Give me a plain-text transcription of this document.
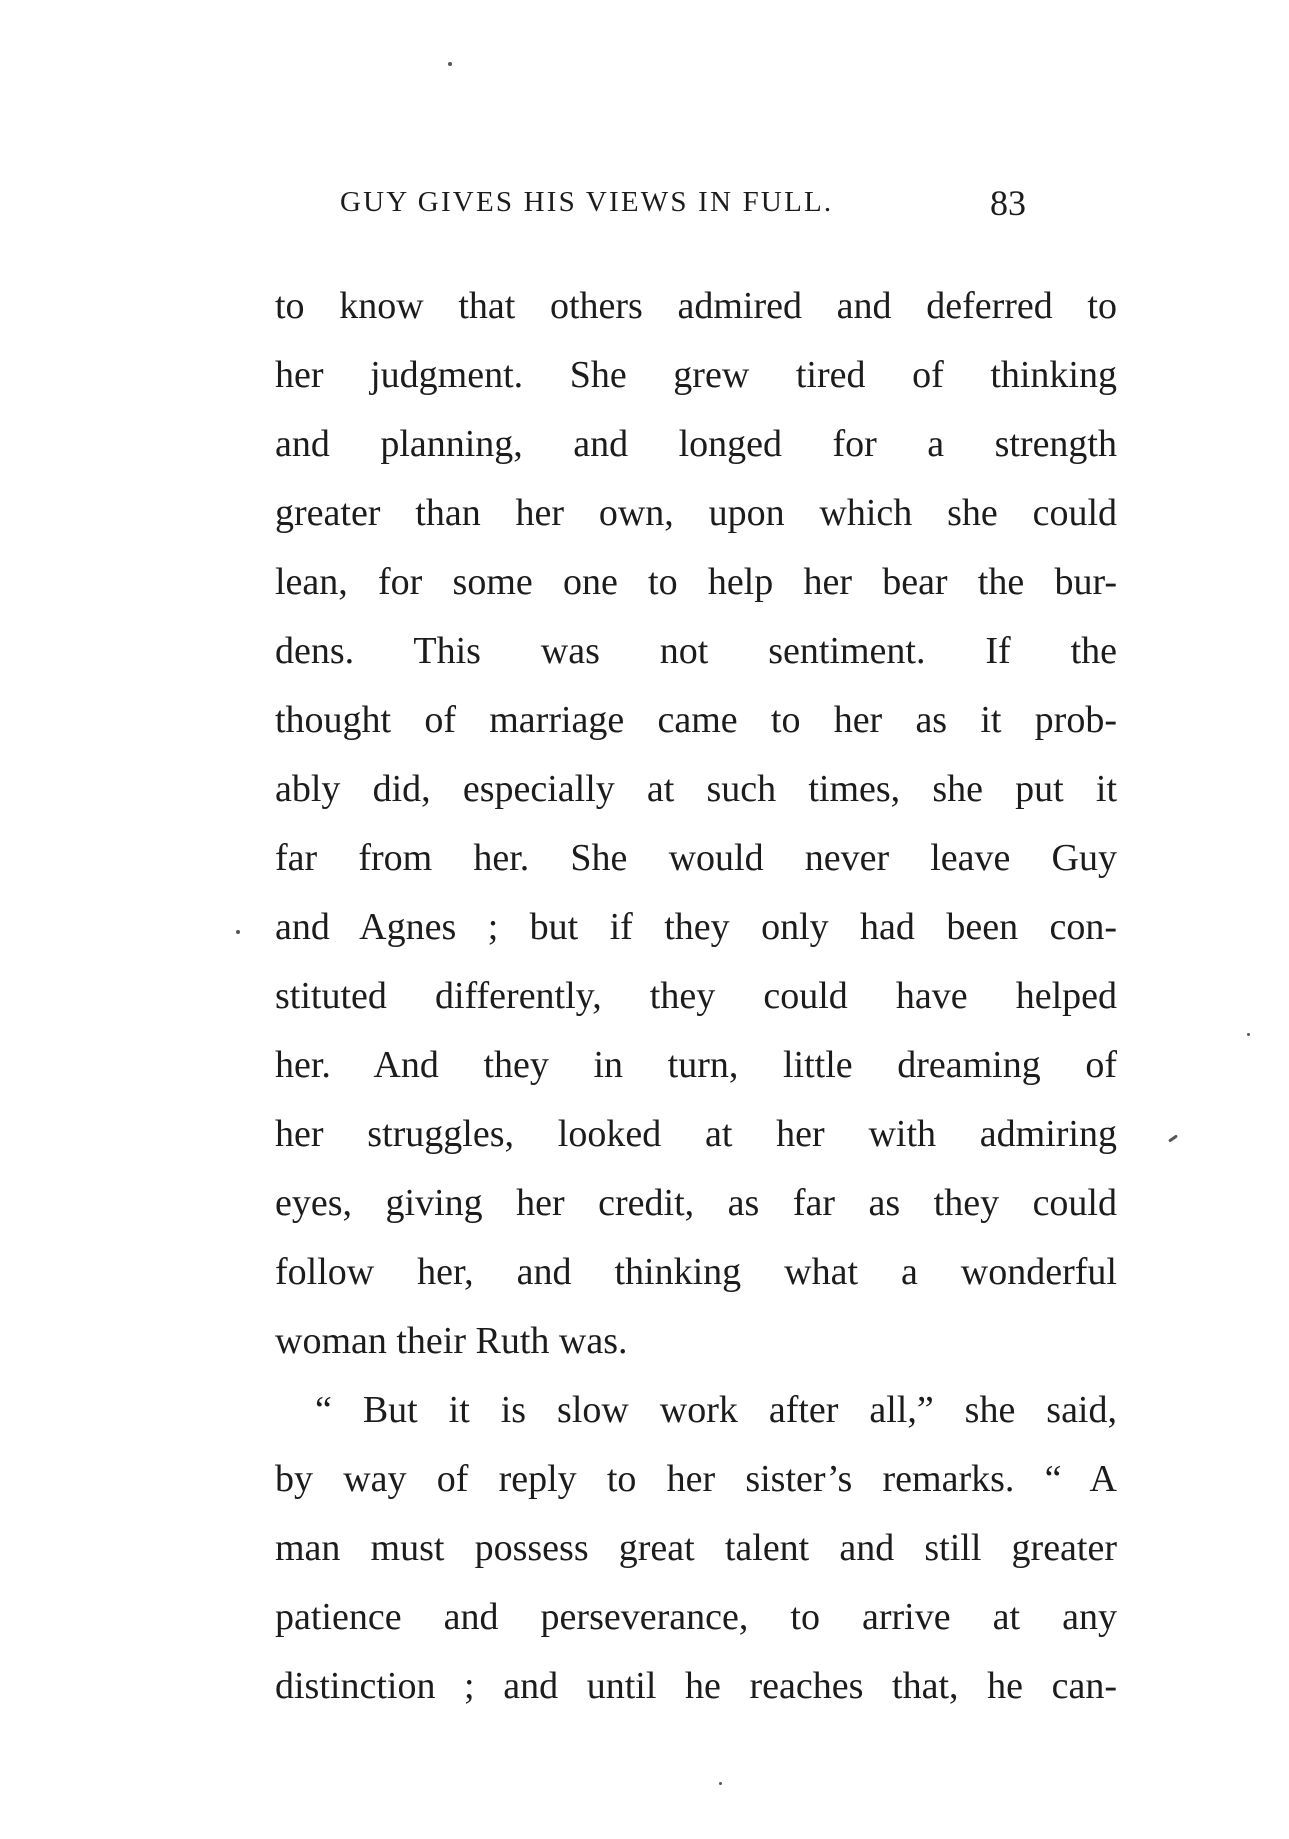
GUY GIVES HIS VIEWS IN FULL.	83
to know that others admired and deferred to
her judgment. She grew tired of thinking
and planning, and longed for a strength
greater than her own, upon which she could
lean, for some one to help her bear the bur-
dens. This was not sentiment. If the
thought of marriage came to her as it prob-
ably did, especially at such times, she put it
far from her. She would never leave Guy
and Agnes ; but if they only had been con-
stituted differently, they could have helped
her. And they in turn, little dreaming of
her struggles, looked at her with admiring
eyes, giving her credit, as far as they could
follow her, and thinking what a wonderful
woman their Ruth was.
“ But it is slow work after all,” she said,
by way of reply to her sister’s remarks. “ A
man must possess great talent and still greater
patience and perseverance, to arrive at any
distinction ; and until he reaches that, he can-
